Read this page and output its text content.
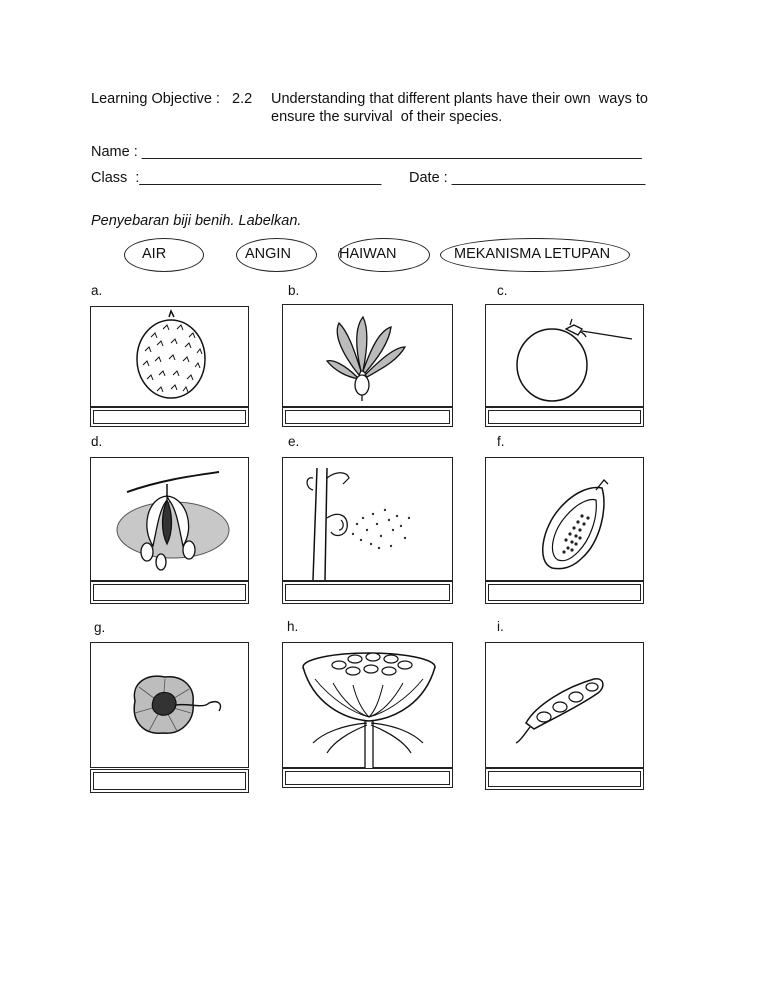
Learning Objective : 2.2 Understanding that different plants have their own  ways to
ensure the survival  of their species.
Name : ______________________________________________________________
Class  :______________________________ Date : ________________________
Penyebaran biji benih. Labelkan.
AIR	ANGIN	HAIWAN	MEKANISMA LETUPAN
a.	b.	c.
d.	e.	f.
g.	h.	i.
